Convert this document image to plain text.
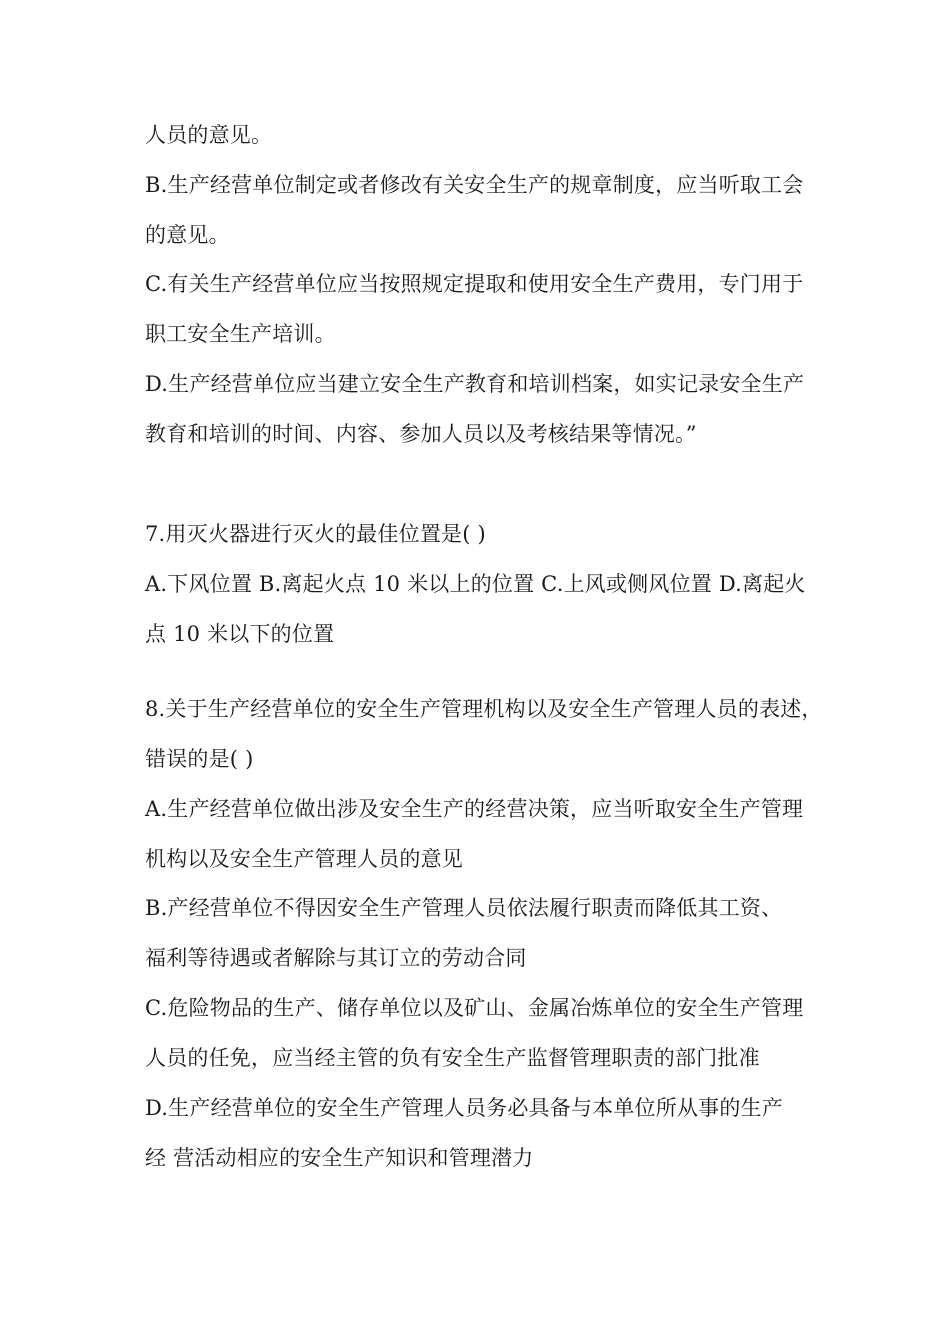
人员的意见。
B.生产经营单位制定或者修改有关安全生产的规章制度，应当听取工会
的意见。
C.有关生产经营单位应当按照规定提取和使用安全生产费用，专门用于
职工安全生产培训。
D.生产经营单位应当建立安全生产教育和培训档案，如实记录安全生产
教育和培训的时间、内容、参加人员以及考核结果等情况。”
7.用灭火器进行灭火的最佳位置是( )
A.下风位置 B.离起火点 10 米以上的位置 C.上风或侧风位置 D.离起火
点 10 米以下的位置
8.关于生产经营单位的安全生产管理机构以及安全生产管理人员的表述，
错误的是( )
A.生产经营单位做出涉及安全生产的经营决策，应当听取安全生产管理
机构以及安全生产管理人员的意见
B.产经营单位不得因安全生产管理人员依法履行职责而降低其工资、
福利等待遇或者解除与其订立的劳动合同
C.危险物品的生产、储存单位以及矿山、金属冶炼单位的安全生产管理
人员的任免，应当经主管的负有安全生产监督管理职责的部门批准
D.生产经营单位的安全生产管理人员务必具备与本单位所从事的生产
经 营活动相应的安全生产知识和管理潜力
